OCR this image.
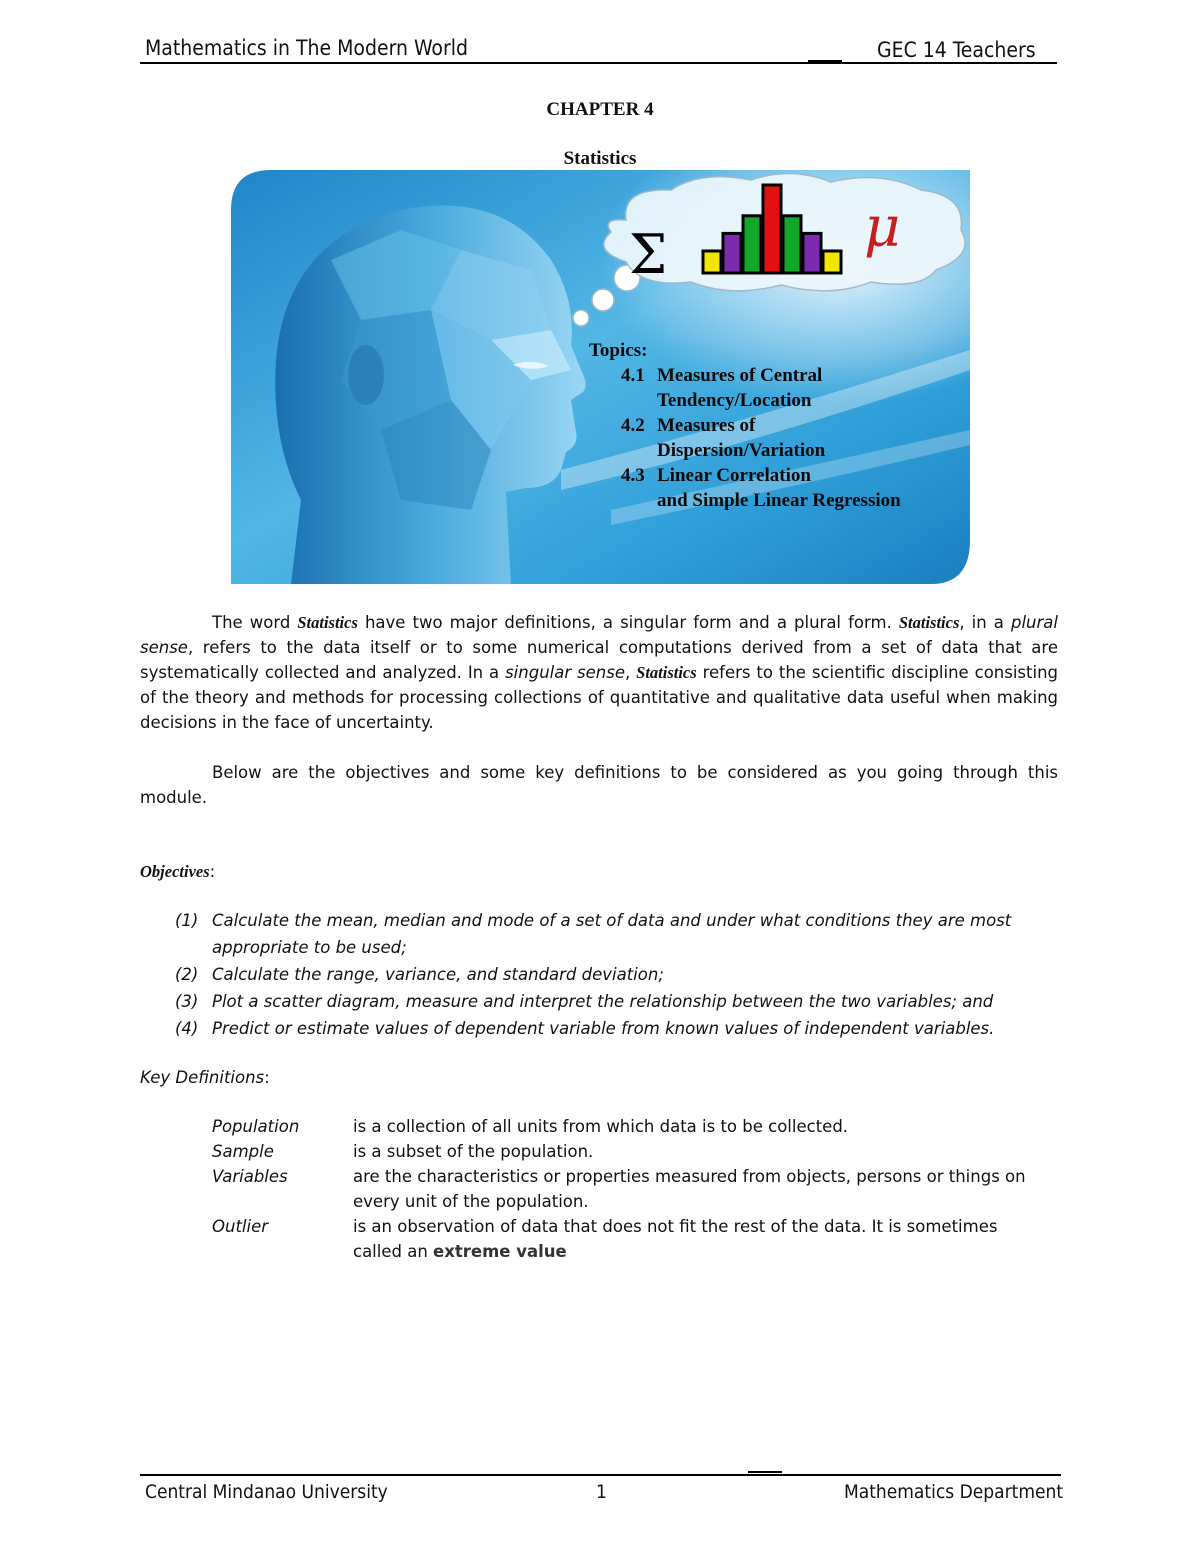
Mathematics in The Modern World	GEC 14 Teachers
CHAPTER 4
Statistics
Σ	μ
Topics:
4.1 Measures of Central
Tendency/Location
4.2 Measures of
Dispersion/Variation
4.3 Linear Correlation
and Simple Linear Regression
The word Statistics have two major definitions, a singular form and a plural form. Statistics, in a plural sense, refers to the data itself or to some numerical computations derived from a set of data that are systematically collected and analyzed. In a singular sense, Statistics refers to the scientific discipline consisting of the theory and methods for processing collections of quantitative and qualitative data useful when making decisions in the face of uncertainty.
Below are the objectives and some key definitions to be considered as you going through this module.
Objectives:
(1) Calculate the mean, median and mode of a set of data and under what conditions they are most appropriate to be used;
(2) Calculate the range, variance, and standard deviation;
(3) Plot a scatter diagram, measure and interpret the relationship between the two variables; and
(4) Predict or estimate values of dependent variable from known values of independent variables.
Key Definitions:
Population	is a collection of all units from which data is to be collected.
Sample	is a subset of the population.
Variables	are the characteristics or properties measured from objects, persons or things on every unit of the population.
Outlier	is an observation of data that does not fit the rest of the data. It is sometimes called an extreme value
Central Mindanao University	1	Mathematics Department
